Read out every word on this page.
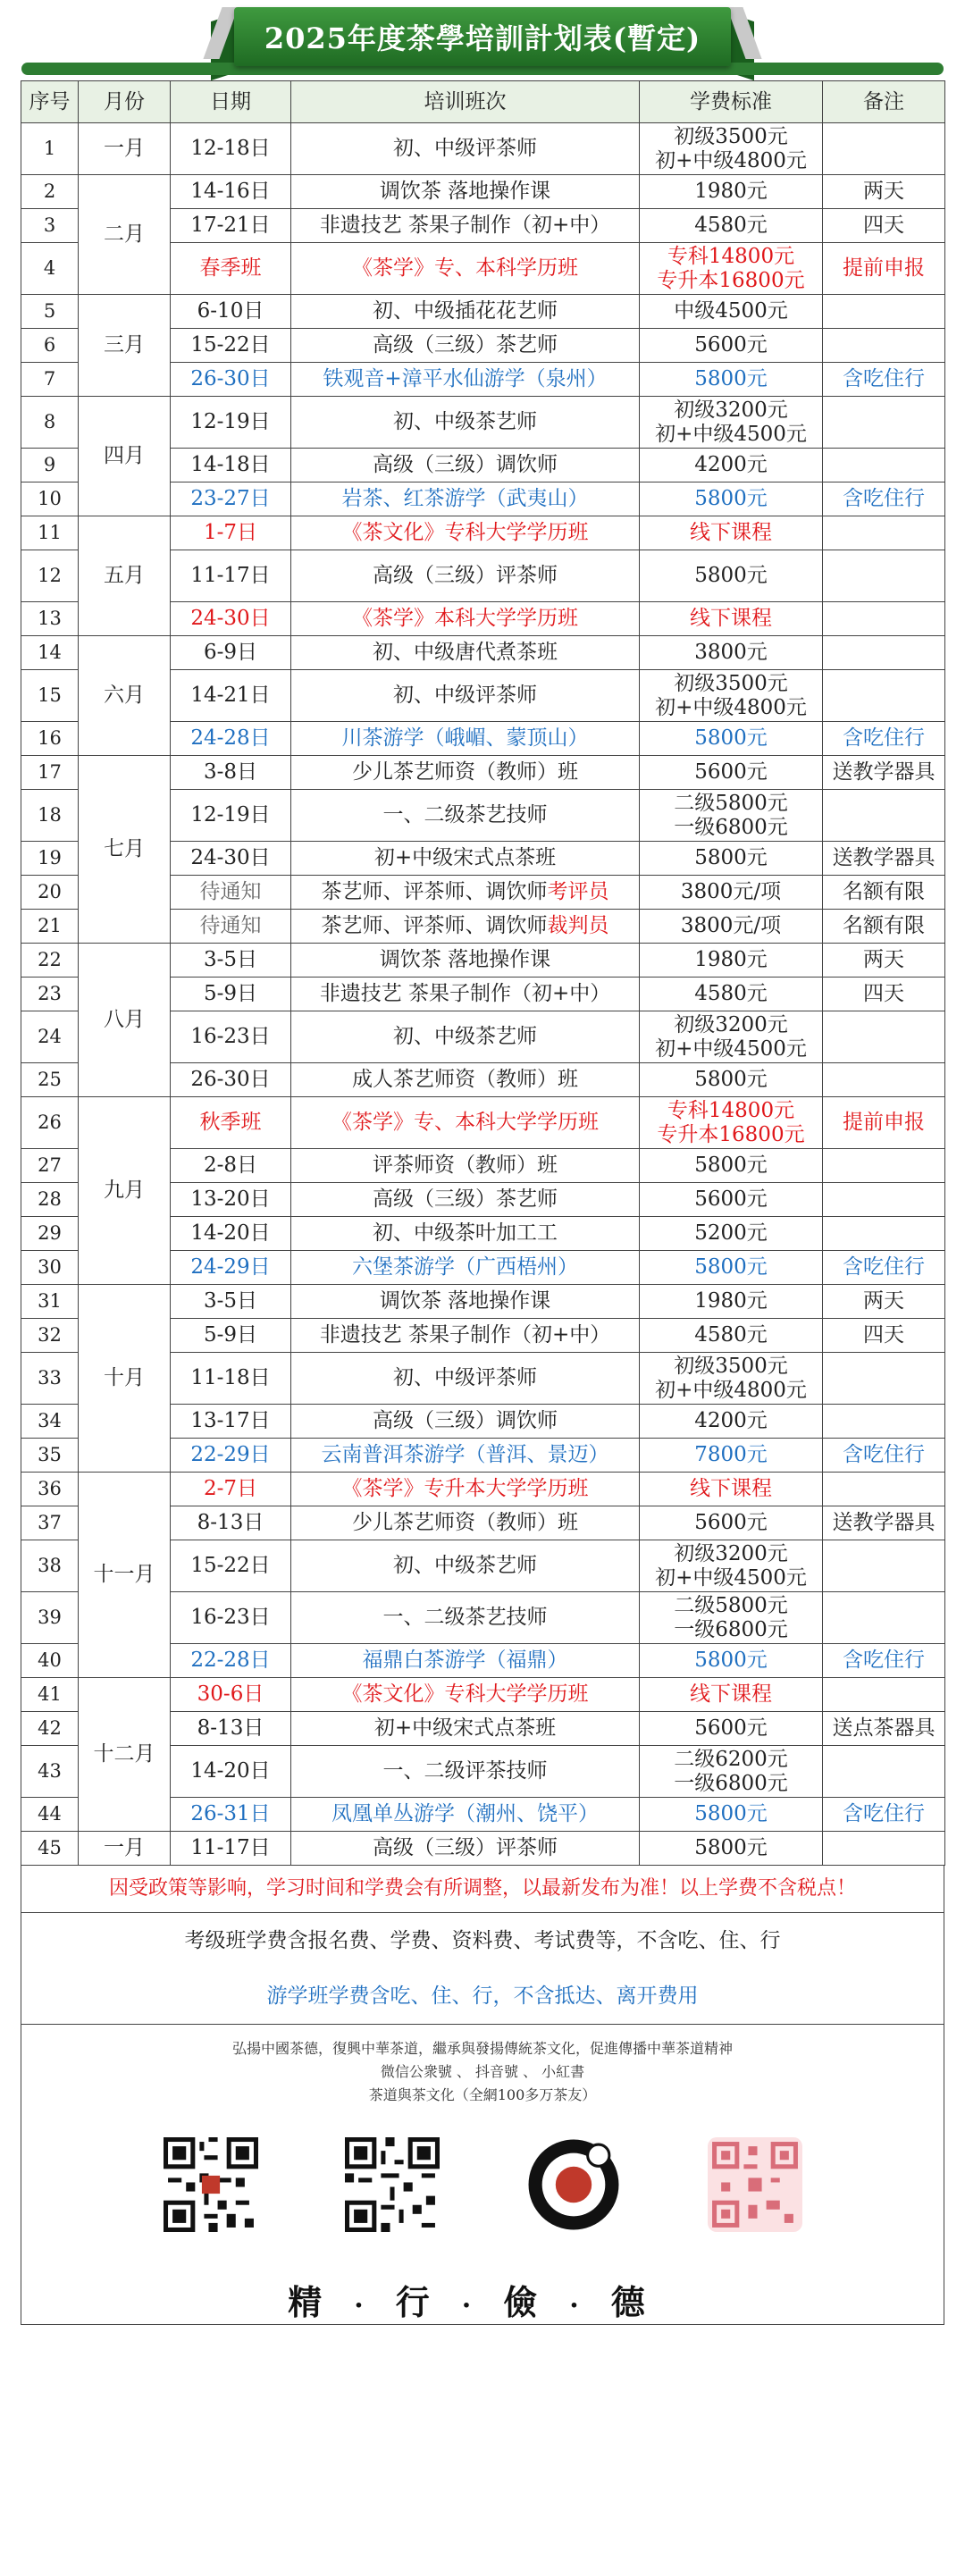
2025年度茶學培訓計划表(暫定)
序号	月份	日期	培训班次	学费标准	备注
1	一月	12-18日	初、中级评茶师	初级3500元
初+中级4800元	

2	二月	14-16日	调饮茶 落地操作课	1980元	两天
3		17-21日	非遗技艺 茶果子制作（初+中）	4580元	四天
4		春季班	《茶学》专、本科学历班	专科14800元
专升本16800元	提前申报
5	三月	6-10日	初、中级插花花艺师	中级4500元	

6		15-22日	高级（三级）茶艺师	5600元	

7		26-30日	铁观音+漳平水仙游学（泉州）	5800元	含吃住行
8	四月	12-19日	初、中级茶艺师	初级3200元
初+中级4500元	

9		14-18日	高级（三级）调饮师	4200元	

10		23-27日	岩茶、红茶游学（武夷山）	5800元	含吃住行
11	五月	1-7日	《茶文化》专科大学学历班	线下课程	

12		11-17日	高级（三级）评茶师	5800元	

13		24-30日	《茶学》本科大学学历班	线下课程	

14	六月	6-9日	初、中级唐代煮茶班	3800元	

15		14-21日	初、中级评茶师	初级3500元
初+中级4800元	

16		24-28日	川茶游学（峨嵋、蒙顶山）	5800元	含吃住行
17	七月	3-8日	少儿茶艺师资（教师）班	5600元	送教学器具
18		12-19日	一、二级茶艺技师	二级5800元
一级6800元	

19		24-30日	初+中级宋式点茶班	5800元	送教学器具
20		待通知	茶艺师、评茶师、调饮师考评员	3800元/项	名额有限
21		待通知	茶艺师、评茶师、调饮师裁判员	3800元/项	名额有限
22	八月	3-5日	调饮茶 落地操作课	1980元	两天
23		5-9日	非遗技艺 茶果子制作（初+中）	4580元	四天
24		16-23日	初、中级茶艺师	初级3200元
初+中级4500元	

25		26-30日	成人茶艺师资（教师）班	5800元	

26	九月	秋季班	《茶学》专、本科大学学历班	专科14800元
专升本16800元	提前申报
27		2-8日	评茶师资（教师）班	5800元	

28		13-20日	高级（三级）茶艺师	5600元	

29		14-20日	初、中级茶叶加工工	5200元	

30		24-29日	六堡茶游学（广西梧州）	5800元	含吃住行
31	十月	3-5日	调饮茶 落地操作课	1980元	两天
32		5-9日	非遗技艺 茶果子制作（初+中）	4580元	四天
33		11-18日	初、中级评茶师	初级3500元
初+中级4800元	

34		13-17日	高级（三级）调饮师	4200元	

35		22-29日	云南普洱茶游学（普洱、景迈）	7800元	含吃住行
36	十一月	2-7日	《茶学》专升本大学学历班	线下课程	

37		8-13日	少儿茶艺师资（教师）班	5600元	送教学器具
38		15-22日	初、中级茶艺师	初级3200元
初+中级4500元	

39		16-23日	一、二级茶艺技师	二级5800元
一级6800元	

40		22-28日	福鼎白茶游学（福鼎）	5800元	含吃住行
41	十二月	30-6日	《茶文化》专科大学学历班	线下课程	

42		8-13日	初+中级宋式点茶班	5600元	送点茶器具
43		14-20日	一、二级评茶技师	二级6200元
一级6800元	

44		26-31日	凤凰单丛游学（潮州、饶平）	5800元	含吃住行
45	一月	11-17日	高级（三级）评茶师	5800元	

因受政策等影响，学习时间和学费会有所调整，以最新发布为准！以上学费不含税点！
考级班学费含报名费、学费、资料费、考试费等，不含吃、住、行
游学班学费含吃、住、行，不含抵达、离开费用
弘揚中國茶德，復興中華茶道，繼承與發揚傳統茶文化，促進傳播中華茶道精神
微信公衆號 、 抖音號 、 小紅書
茶道與茶文化（全網100多万茶友）
精·行·儉·德
